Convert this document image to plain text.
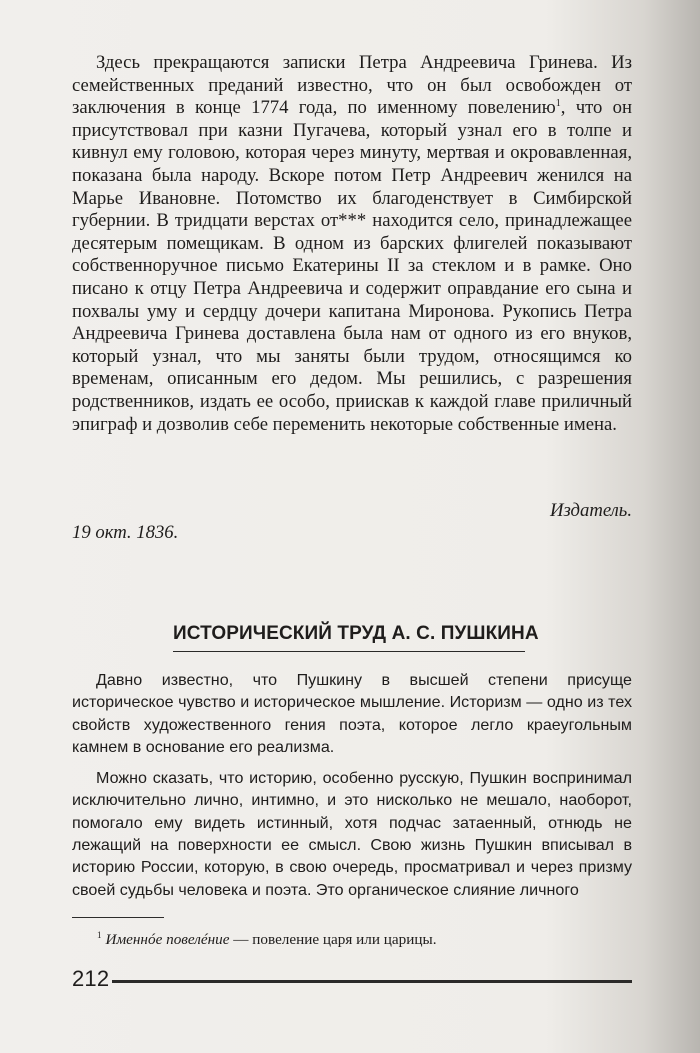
Здесь прекращаются записки Петра Андреевича Гринева. Из семейственных преданий известно, что он был освобожден от заключения в конце 1774 года, по именному повелению$^1$, что он присутствовал при казни Пугачева, который узнал его в толпе и кивнул ему головою, которая через минуту, мертвая и окровавленная, показана была народу. Вскоре потом Петр Андреевич женился на Марье Ивановне. Потомство их благоденствует в Симбирской губернии. В тридцати верстах от*** находится село, принадлежащее десятерым помещикам. В одном из барских флигелей показывают собственноручное письмо Екатерины II за стеклом и в рамке. Оно писано к отцу Петра Андреевича и содержит оправдание его сына и похвалы уму и сердцу дочери капитана Миронова. Рукопись Петра Андреевича Гринева доставлена была нам от одного из его внуков, который узнал, что мы заняты были трудом, относящимся ко временам, описанным его дедом. Мы решились, с разрешения родственников, издать ее особо, приискав к каждой главе приличный эпиграф и дозволив себе переменить некоторые собственные имена.

Издатель.
19 окт. 1836.
ИСТОРИЧЕСКИЙ ТРУД А. С. ПУШКИНА

Давно известно, что Пушкину в высшей степени присуще историческое чувство и историческое мышление. Историзм — одно из тех свойств художественного гения поэта, которое легло краеугольным камнем в основание его реализма.

Можно сказать, что историю, особенно русскую, Пушкин воспринимал исключительно лично, интимно, и это нисколько не мешало, наоборот, помогало ему видеть истинный, хотя подчас затаенный, отнюдь не лежащий на поверхности ее смысл. Свою жизнь Пушкин вписывал в историю России, которую, в свою очередь, просматривал и через призму своей судьбы человека и поэта. Это органическое слияние личного

$^1$ Именнóе повелéние — повеление царя или царицы.
212
